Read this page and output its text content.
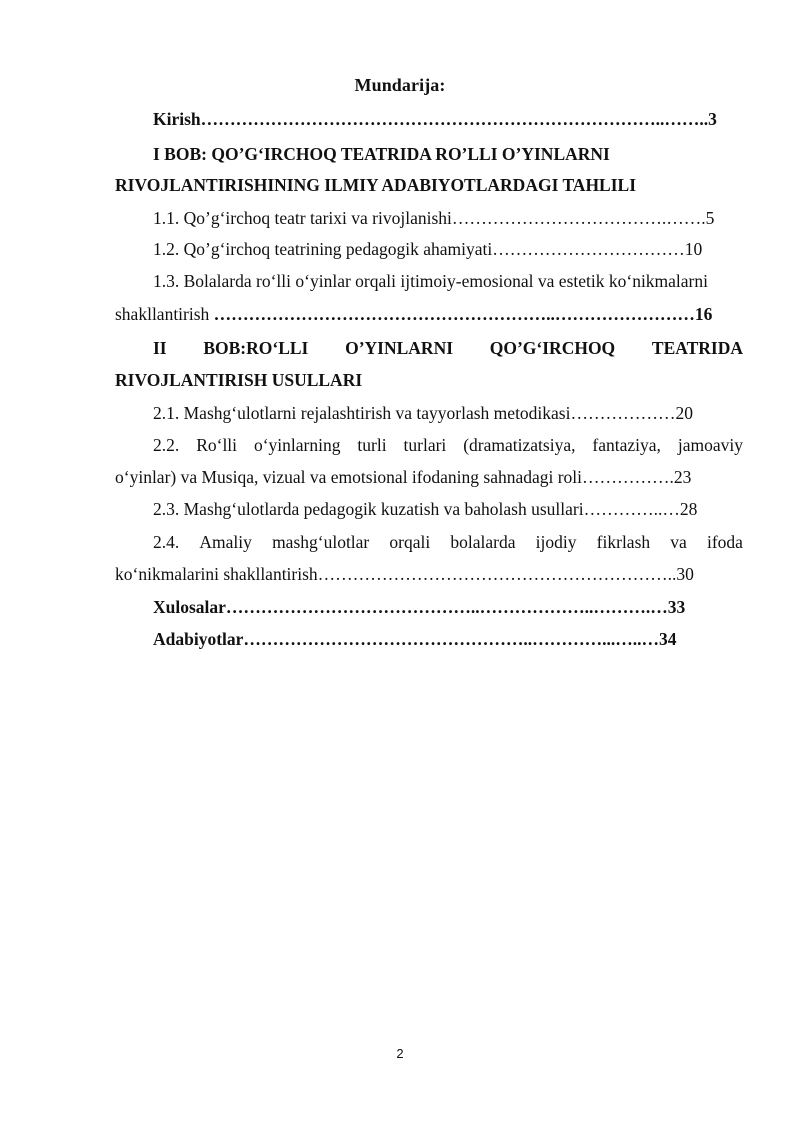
Mundarija:
Kirish……………………………………………………………………..……..3
I BOB: QO’G‘IRCHOQ TEATRIDA RO’LLI O’YINLARNI
RIVOJLANTIRISHINING ILMIY ADABIYOTLARDAGI TAHLILI
1.1. Qo’g‘irchoq teatr tarixi va rivojlanishi……………………………….…….5
1.2. Qo’g‘irchoq teatrining pedagogik ahamiyati……………………………10
1.3. Bolalarda ro‘lli o‘yinlar orqali ijtimoiy-emosional va estetik ko‘nikmalarni
shakllantirish …………………………………………………..……………………16
II BOB:RO‘LLI O’YINLARNI QO’G‘IRCHOQ TEATRIDA
RIVOJLANTIRISH USULLARI
2.1. Mashg‘ulotlarni rejalashtirish va tayyorlash metodikasi………………20
2.2. Ro‘lli o‘yinlarning turli turlari (dramatizatsiya, fantaziya, jamoaviy
o‘yinlar) va Musiqa, vizual va emotsional ifodaning sahnadagi roli…………….23
2.3. Mashg‘ulotlarda pedagogik kuzatish va baholash usullari…………..…28
2.4. Amaliy mashg‘ulotlar orqali bolalarda ijodiy fikrlash va ifoda
ko‘nikmalarini shakllantirish……………………………………………………..30
Xulosalar……………………………………..………………..……….…33
Adabiyotlar…………………………………………..…………...…..…34
2
